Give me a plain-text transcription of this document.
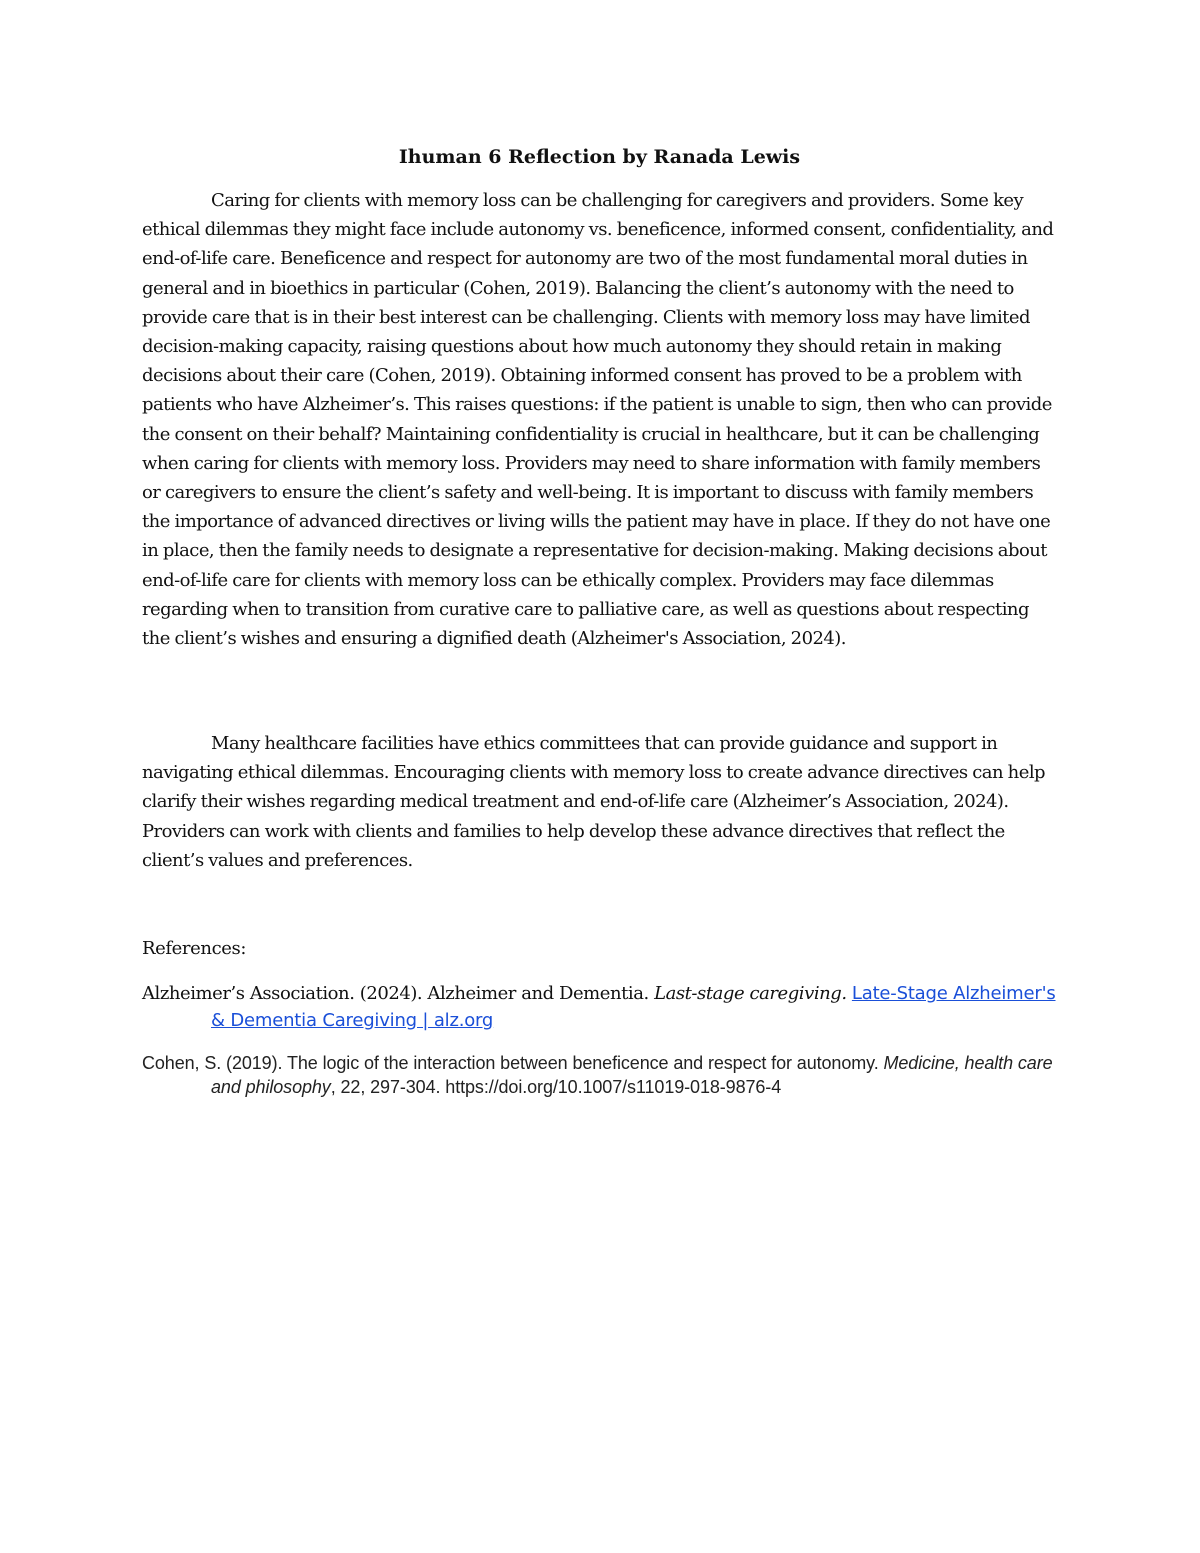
Ihuman 6 Reflection by Ranada Lewis

Caring for clients with memory loss can be challenging for caregivers and providers. Some key ethical dilemmas they might face include autonomy vs. beneficence, informed consent, confidentiality, and end-of-life care. Beneficence and respect for autonomy are two of the most fundamental moral duties in general and in bioethics in particular (Cohen, 2019). Balancing the client’s autonomy with the need to provide care that is in their best interest can be challenging. Clients with memory loss may have limited decision-making capacity, raising questions about how much autonomy they should retain in making decisions about their care (Cohen, 2019). Obtaining informed consent has proved to be a problem with patients who have Alzheimer’s. This raises questions: if the patient is unable to sign, then who can provide the consent on their behalf? Maintaining confidentiality is crucial in healthcare, but it can be challenging when caring for clients with memory loss. Providers may need to share information with family members or caregivers to ensure the client’s safety and well-being. It is important to discuss with family members the importance of advanced directives or living wills the patient may have in place. If they do not have one in place, then the family needs to designate a representative for decision-making. Making decisions about end-of-life care for clients with memory loss can be ethically complex. Providers may face dilemmas regarding when to transition from curative care to palliative care, as well as questions about respecting the client’s wishes and ensuring a dignified death (Alzheimer's Association, 2024).

Many healthcare facilities have ethics committees that can provide guidance and support in navigating ethical dilemmas. Encouraging clients with memory loss to create advance directives can help clarify their wishes regarding medical treatment and end-of-life care (Alzheimer’s Association, 2024). Providers can work with clients and families to help develop these advance directives that reflect the client’s values and preferences.

References:

Alzheimer’s Association. (2024). Alzheimer and Dementia. Last-stage caregiving. Late-Stage Alzheimer's & Dementia Caregiving | alz.org

Cohen, S. (2019). The logic of the interaction between beneficence and respect for autonomy. Medicine, health care and philosophy, 22, 297-304. https://doi.org/10.1007/s11019-018-9876-4
